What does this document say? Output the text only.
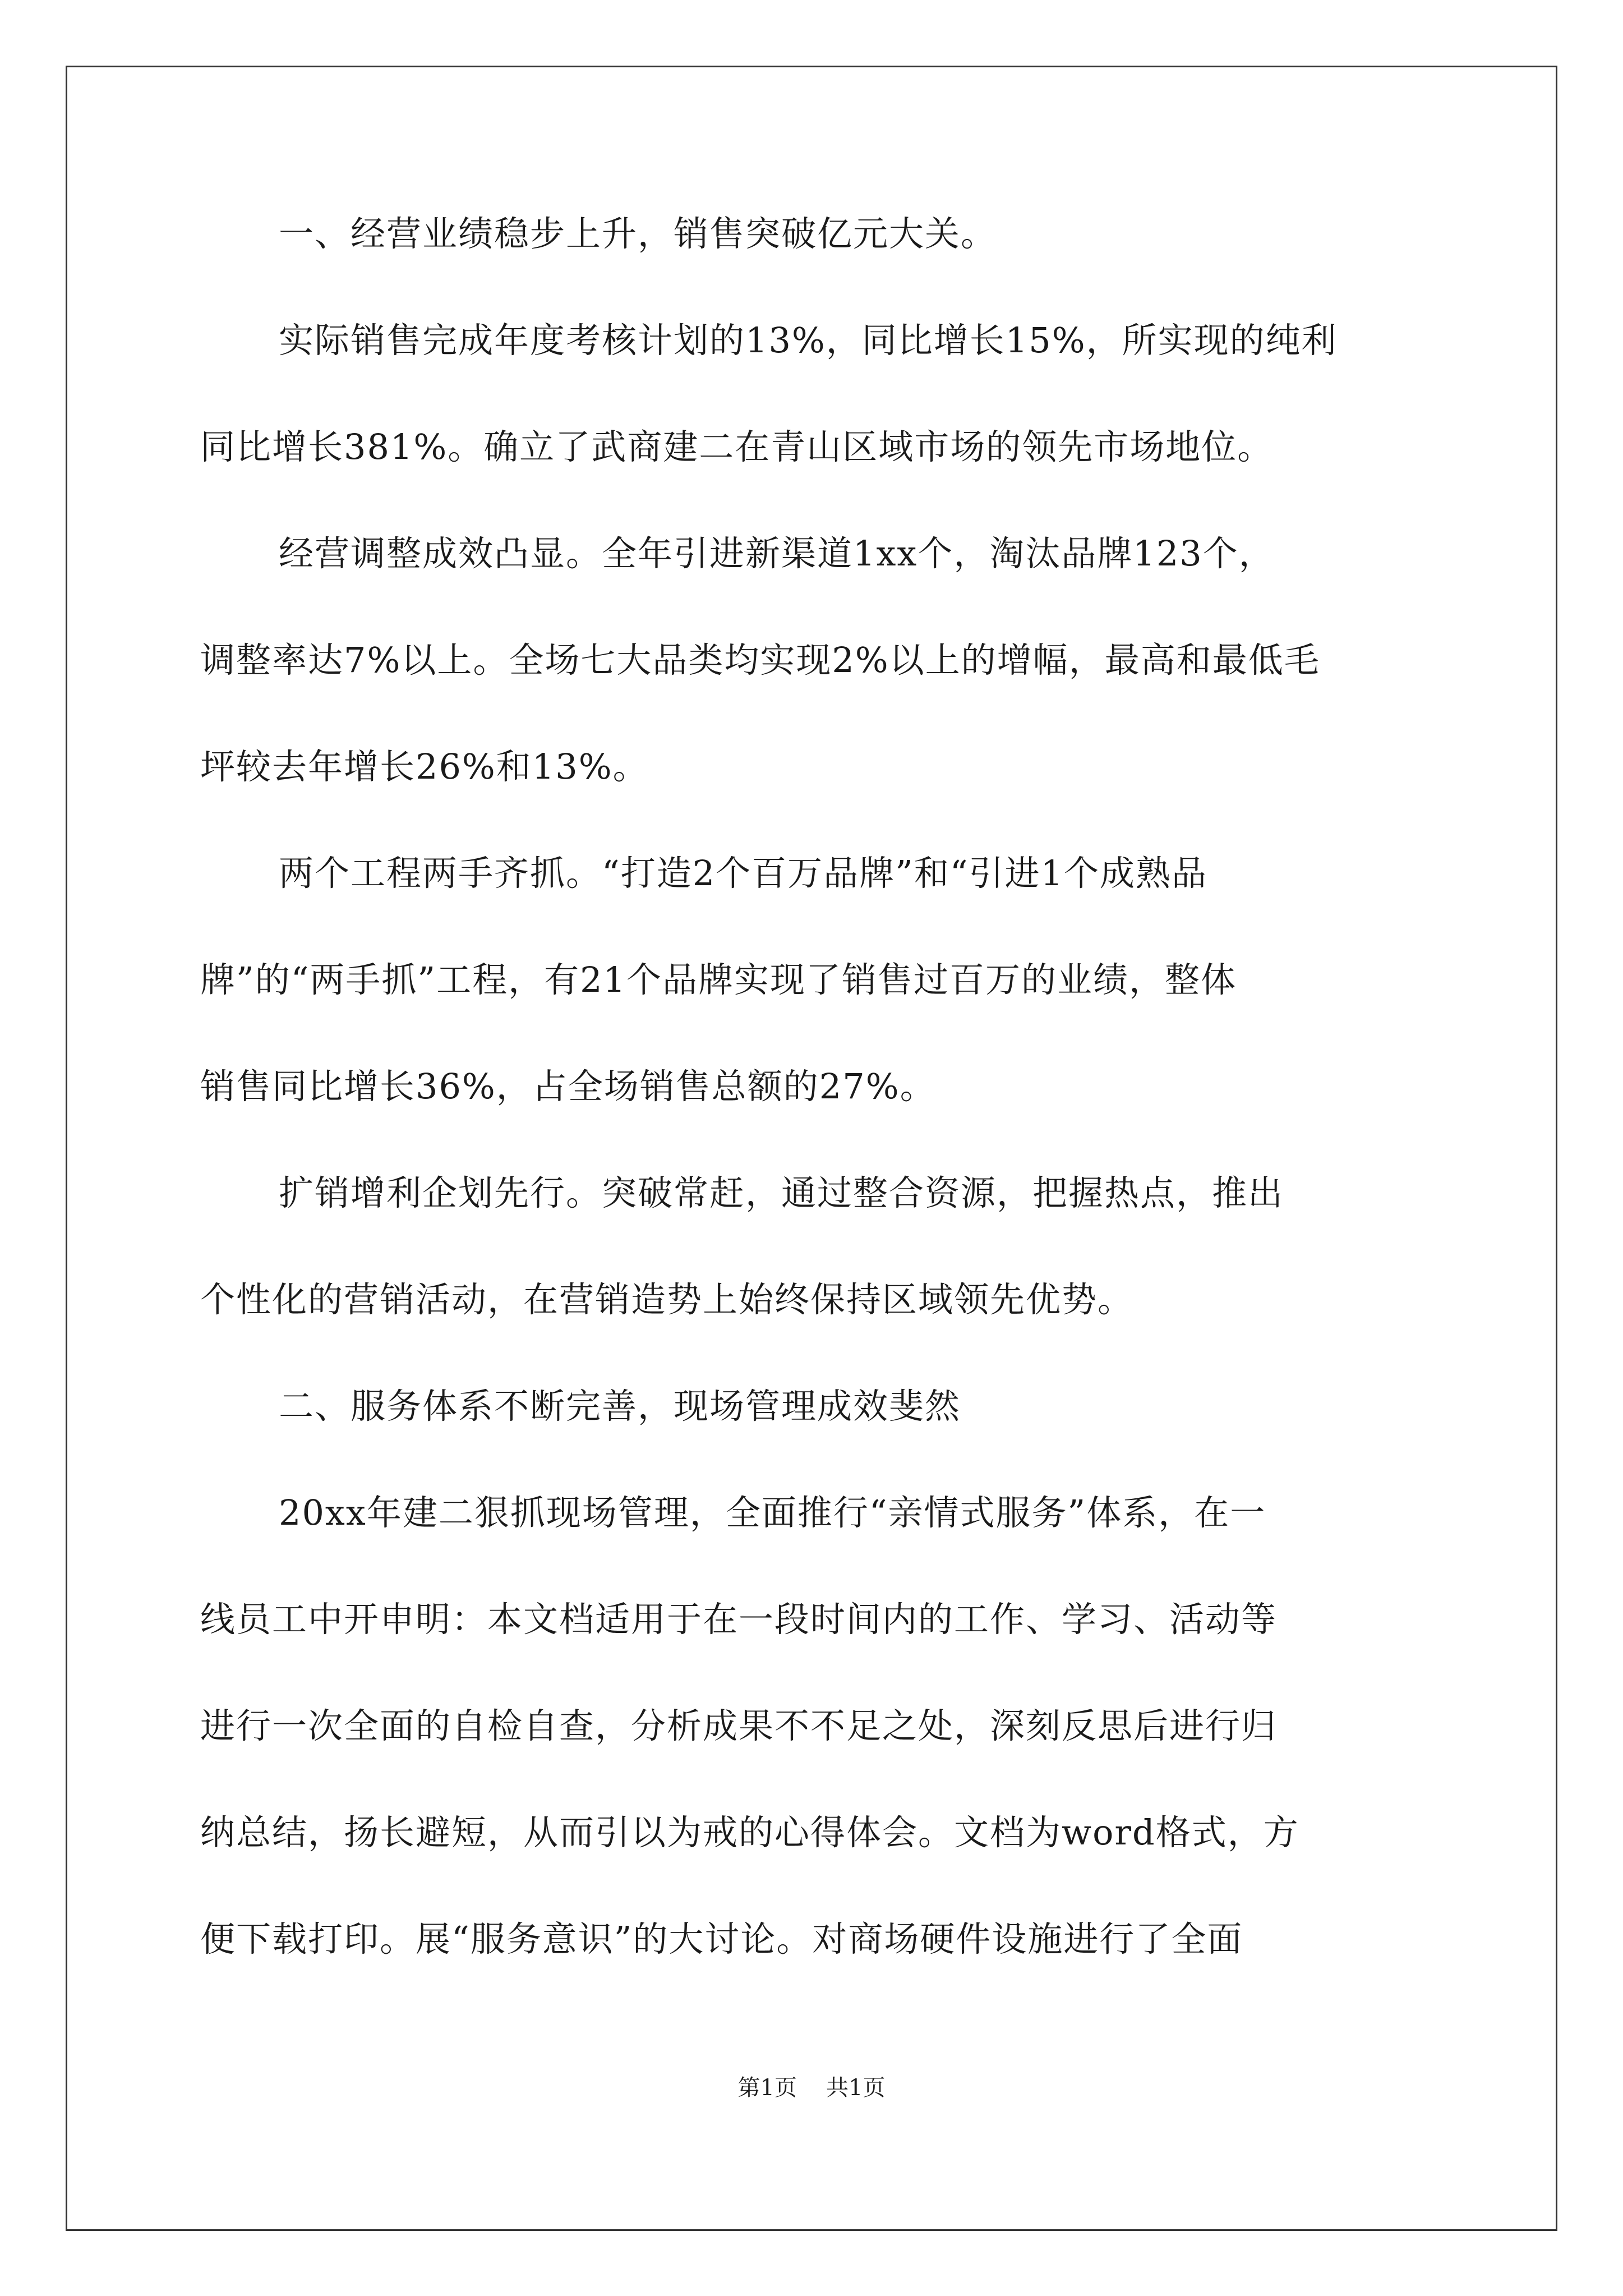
一、经营业绩稳步上升，销售突破亿元大关。
实际销售完成年度考核计划的13%，同比增长15%，所实现的纯利
同比增长381%。确立了武商建二在青山区域市场的领先市场地位。
经营调整成效凸显。全年引进新渠道1xx个，淘汰品牌123个，
调整率达7%以上。全场七大品类均实现2%以上的增幅，最高和最低毛
坪较去年增长26%和13%。
两个工程两手齐抓。“打造2个百万品牌”和“引进1个成熟品
牌”的“两手抓”工程，有21个品牌实现了销售过百万的业绩，整体
销售同比增长36%，占全场销售总额的27%。
扩销增利企划先行。突破常赶，通过整合资源，把握热点，推出
个性化的营销活动，在营销造势上始终保持区域领先优势。
二、服务体系不断完善，现场管理成效斐然
20xx年建二狠抓现场管理，全面推行“亲情式服务”体系，在一
线员工中开申明：本文档适用于在一段时间内的工作、学习、活动等
进行一次全面的自检自查，分析成果不不足之处，深刻反思后进行归
纳总结，扬长避短，从而引以为戒的心得体会。文档为word格式，方
便下载打印。展“服务意识”的大讨论。对商场硬件设施进行了全面
第1页 共1页
